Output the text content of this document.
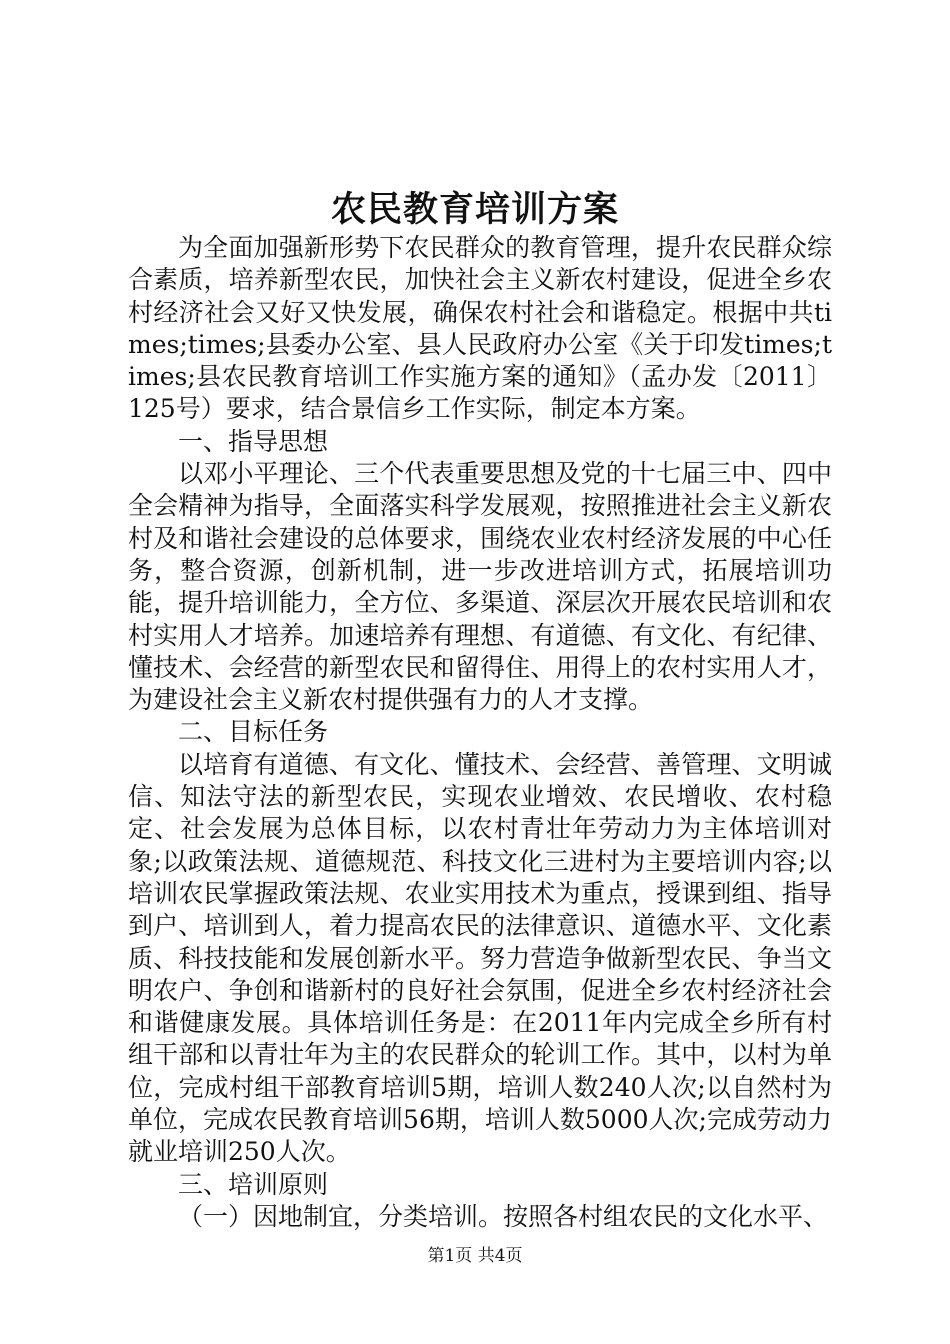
农民教育培训方案

为全面加强新形势下农民群众的教育管理，提升农民群众综合素质，培养新型农民，加快社会主义新农村建设，促进全乡农村经济社会又好又快发展，确保农村社会和谐稳定。根据中共times;times;县委办公室、县人民政府办公室《关于印发times;times;县农民教育培训工作实施方案的通知》（孟办发〔2011〕125号）要求，结合景信乡工作实际，制定本方案。

一、指导思想

以邓小平理论、三个代表重要思想及党的十七届三中、四中全会精神为指导，全面落实科学发展观，按照推进社会主义新农村及和谐社会建设的总体要求，围绕农业农村经济发展的中心任务，整合资源，创新机制，进一步改进培训方式，拓展培训功能，提升培训能力，全方位、多渠道、深层次开展农民培训和农村实用人才培养。加速培养有理想、有道德、有文化、有纪律、懂技术、会经营的新型农民和留得住、用得上的农村实用人才，为建设社会主义新农村提供强有力的人才支撑。

二、目标任务

以培育有道德、有文化、懂技术、会经营、善管理、文明诚信、知法守法的新型农民，实现农业增效、农民增收、农村稳定、社会发展为总体目标，以农村青壮年劳动力为主体培训对象;以政策法规、道德规范、科技文化三进村为主要培训内容;以培训农民掌握政策法规、农业实用技术为重点，授课到组、指导到户、培训到人，着力提高农民的法律意识、道德水平、文化素质、科技技能和发展创新水平。努力营造争做新型农民、争当文明农户、争创和谐新村的良好社会氛围，促进全乡农村经济社会和谐健康发展。具体培训任务是：在2011年内完成全乡所有村组干部和以青壮年为主的农民群众的轮训工作。其中，以村为单位，完成村组干部教育培训5期，培训人数240人次;以自然村为单位，完成农民教育培训56期，培训人数5000人次;完成劳动力就业培训250人次。

三、培训原则

（一）因地制宜，分类培训。按照各村组农民的文化水平、

第1页 共4页
